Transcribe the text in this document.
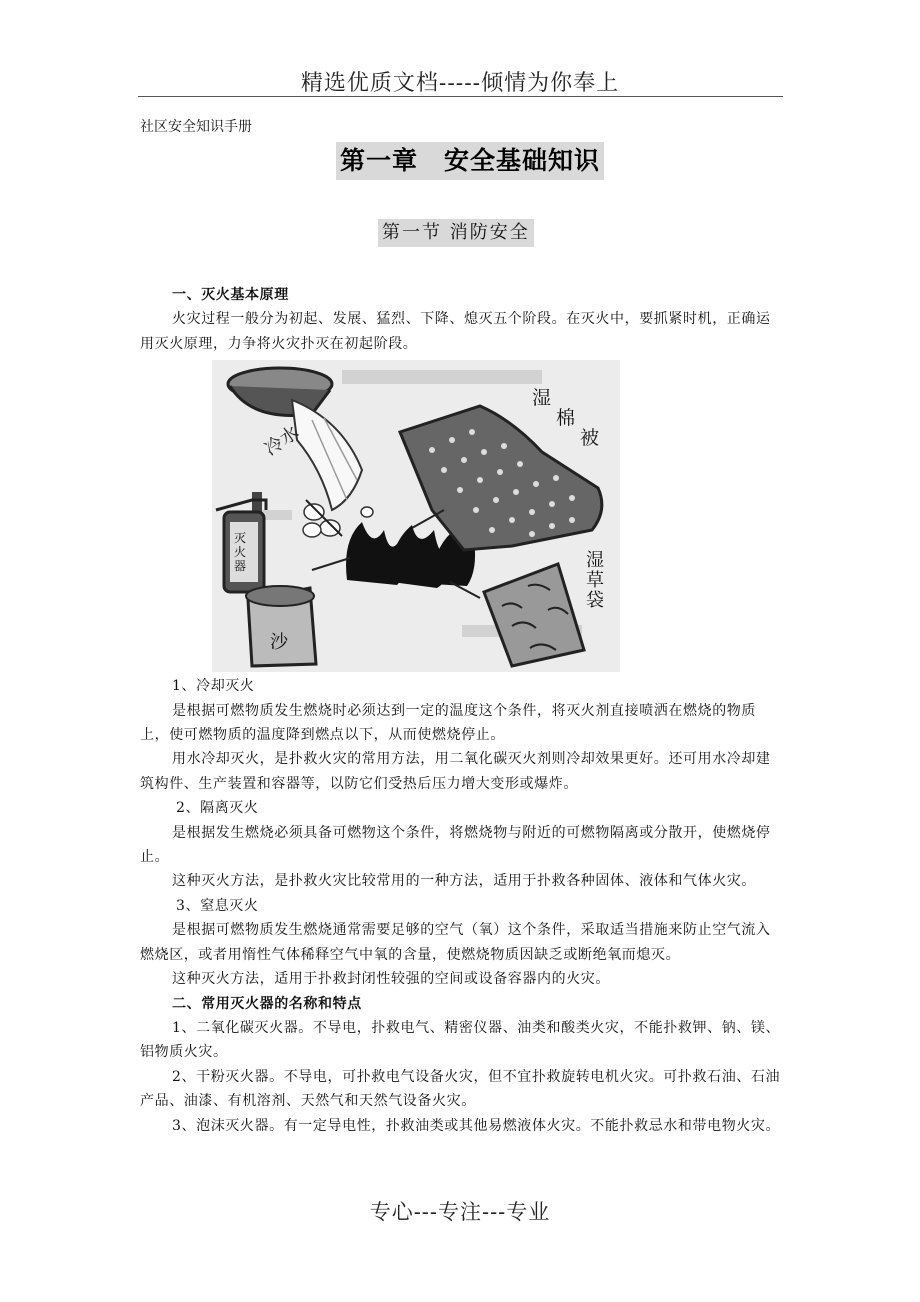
精选优质文档-----倾情为你奉上
社区安全知识手册
第一章　安全基础知识
第一节 消防安全

一、灭火基本原理

火灾过程一般分为初起、发展、猛烈、下降、熄灭五个阶段。在灭火中，要抓紧时机，正确运用灭火原理，力争将火灾扑灭在初起阶段。

冷水
灭火器
沙
湿棉被
湿草袋

1、冷却灭火

是根据可燃物质发生燃烧时必须达到一定的温度这个条件，将灭火剂直接喷洒在燃烧的物质上，使可燃物质的温度降到燃点以下，从而使燃烧停止。

用水冷却灭火，是扑救火灾的常用方法，用二氧化碳灭火剂则冷却效果更好。还可用水冷却建筑构件、生产装置和容器等，以防它们受热后压力增大变形或爆炸。

2、隔离灭火

是根据发生燃烧必须具备可燃物这个条件，将燃烧物与附近的可燃物隔离或分散开，使燃烧停止。

这种灭火方法，是扑救火灾比较常用的一种方法，适用于扑救各种固体、液体和气体火灾。

3、窒息灭火

是根据可燃物质发生燃烧通常需要足够的空气（氧）这个条件，采取适当措施来防止空气流入燃烧区，或者用惰性气体稀释空气中氧的含量，使燃烧物质因缺乏或断绝氧而熄灭。

这种灭火方法，适用于扑救封闭性较强的空间或设备容器内的火灾。

二、常用灭火器的名称和特点

1、二氧化碳灭火器。不导电，扑救电气、精密仪器、油类和酸类火灾，不能扑救钾、钠、镁、铝物质火灾。

2、干粉灭火器。不导电，可扑救电气设备火灾，但不宜扑救旋转电机火灾。可扑救石油、石油产品、油漆、有机溶剂、天然气和天然气设备火灾。

3、泡沫灭火器。有一定导电性，扑救油类或其他易燃液体火灾。不能扑救忌水和带电物火灾。

专心---专注---专业
